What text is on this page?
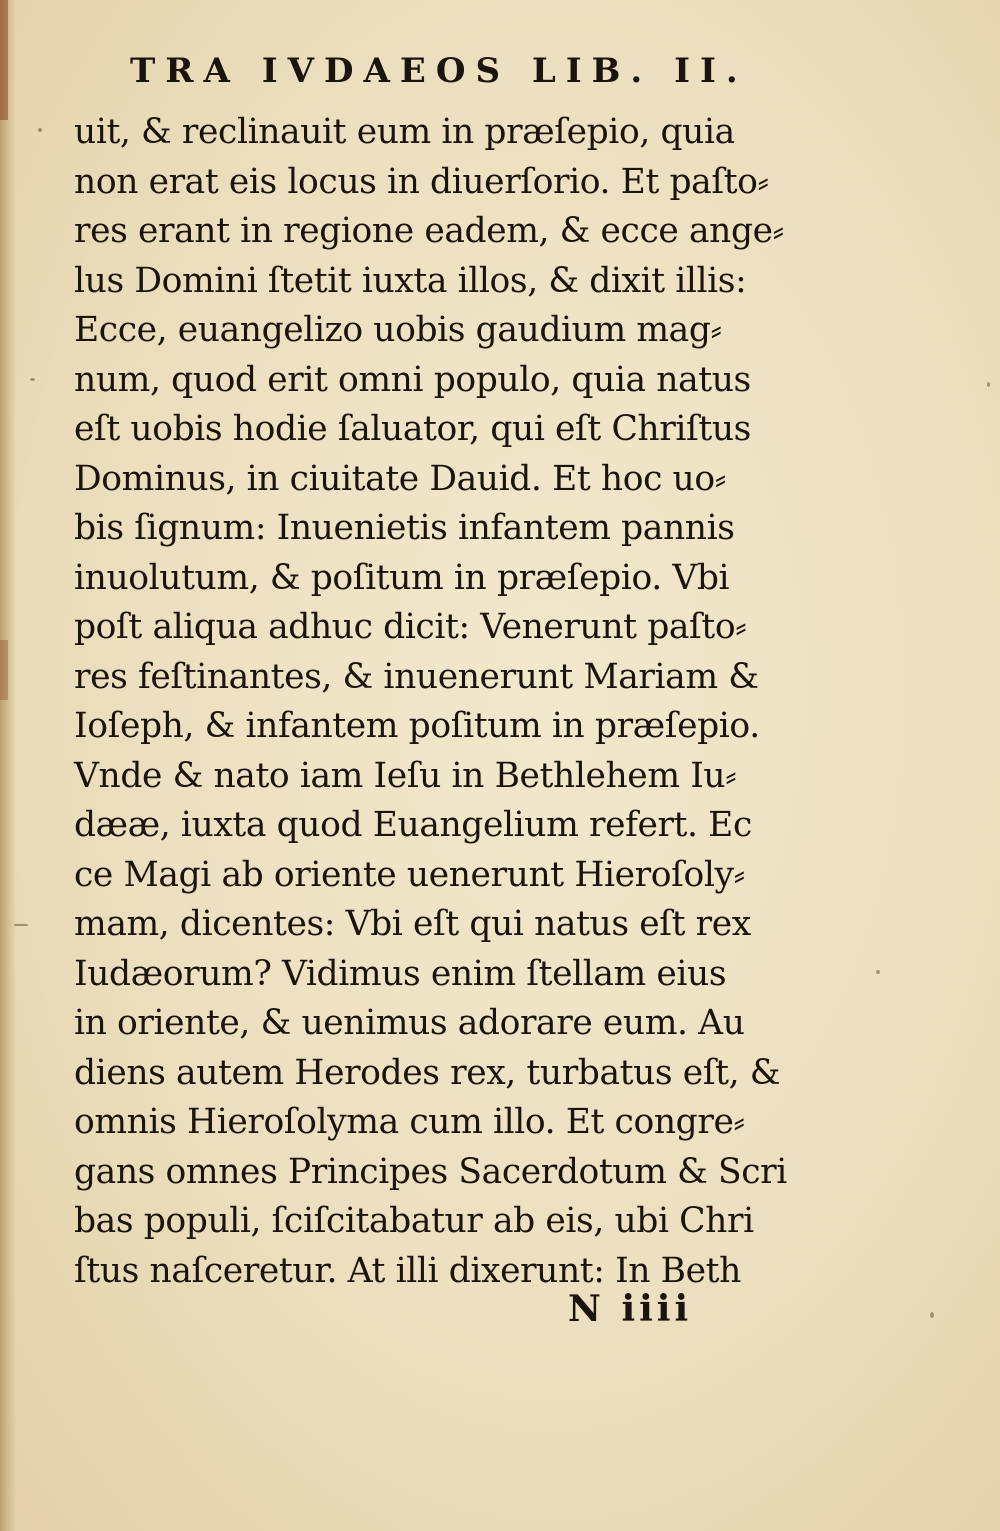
TRA IVDAEOS LIB. II.
uit, & reclinauit eum in præſepio, quia
non erat eis locus in diuerſorio. Et paſto⸗
res erant in regione eadem, & ecce ange⸗
lus Domini ſtetit iuxta illos, & dixit illis:
Ecce, euangelizo uobis gaudium mag⸗
num, quod erit omni populo, quia natus
eſt uobis hodie ſaluator, qui eſt Chriſtus
Dominus, in ciuitate Dauid. Et hoc uo⸗
bis ſignum: Inuenietis infantem pannis
inuolutum, & poſitum in præſepio. Vbi
poſt aliqua adhuc dicit: Venerunt paſto⸗
res feſtinantes, & inuenerunt Mariam &
Ioſeph, & infantem poſitum in præſepio.
Vnde & nato iam Ieſu in Bethlehem Iu⸗
dææ, iuxta quod Euangelium refert. Ec
ce Magi ab oriente uenerunt Hieroſoly⸗
mam, dicentes: Vbi eſt qui natus eſt rex
Iudæorum? Vidimus enim ſtellam eius
in oriente, & uenimus adorare eum. Au
diens autem Herodes rex, turbatus eſt, &
omnis Hieroſolyma cum illo. Et congre⸗
gans omnes Principes Sacerdotum & Scri
bas populi, ſciſcitabatur ab eis, ubi Chri
ſtus naſceretur. At illi dixerunt: In Beth
N iiii
